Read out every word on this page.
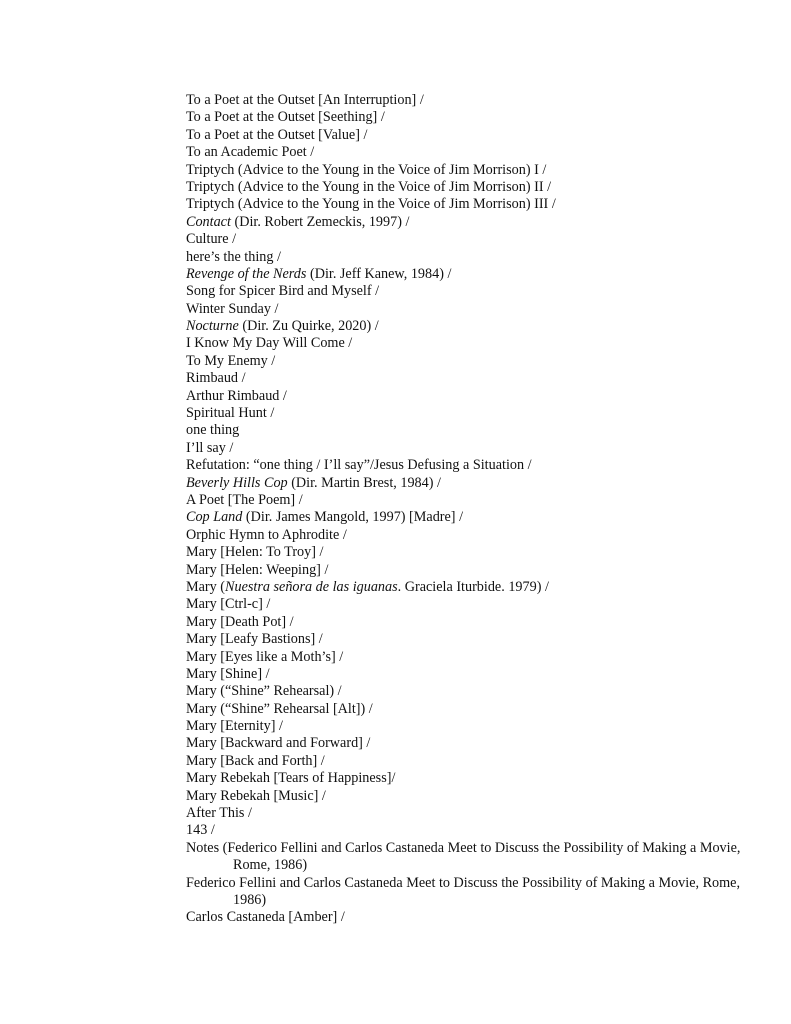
To a Poet at the Outset [An Interruption] /
To a Poet at the Outset [Seething] /
To a Poet at the Outset [Value] /
To an Academic Poet /
Triptych (Advice to the Young in the Voice of Jim Morrison) I /
Triptych (Advice to the Young in the Voice of Jim Morrison) II /
Triptych (Advice to the Young in the Voice of Jim Morrison) III /
Contact (Dir. Robert Zemeckis, 1997) /
Culture /
here’s the thing /
Revenge of the Nerds (Dir. Jeff Kanew, 1984) /
Song for Spicer Bird and Myself /
Winter Sunday /
Nocturne (Dir. Zu Quirke, 2020) /
I Know My Day Will Come /
To My Enemy /
Rimbaud /
Arthur Rimbaud /
Spiritual Hunt /
one thing
I’ll say /
Refutation: “one thing / I’ll say”/Jesus Defusing a Situation /
Beverly Hills Cop (Dir. Martin Brest, 1984) /
A Poet [The Poem] /
Cop Land (Dir. James Mangold, 1997) [Madre] /
Orphic Hymn to Aphrodite /
Mary [Helen: To Troy] /
Mary [Helen: Weeping] /
Mary (Nuestra señora de las iguanas. Graciela Iturbide. 1979) /
Mary [Ctrl-c] /
Mary [Death Pot] /
Mary [Leafy Bastions] /
Mary [Eyes like a Moth’s] /
Mary [Shine] /
Mary (“Shine” Rehearsal) /
Mary (“Shine” Rehearsal [Alt]) /
Mary [Eternity] /
Mary [Backward and Forward] /
Mary [Back and Forth] /
Mary Rebekah [Tears of Happiness]/
Mary Rebekah [Music] /
After This /
143 /
Notes (Federico Fellini and Carlos Castaneda Meet to Discuss the Possibility of Making a Movie, Rome, 1986)
Federico Fellini and Carlos Castaneda Meet to Discuss the Possibility of Making a Movie, Rome, 1986)
Carlos Castaneda [Amber] /
